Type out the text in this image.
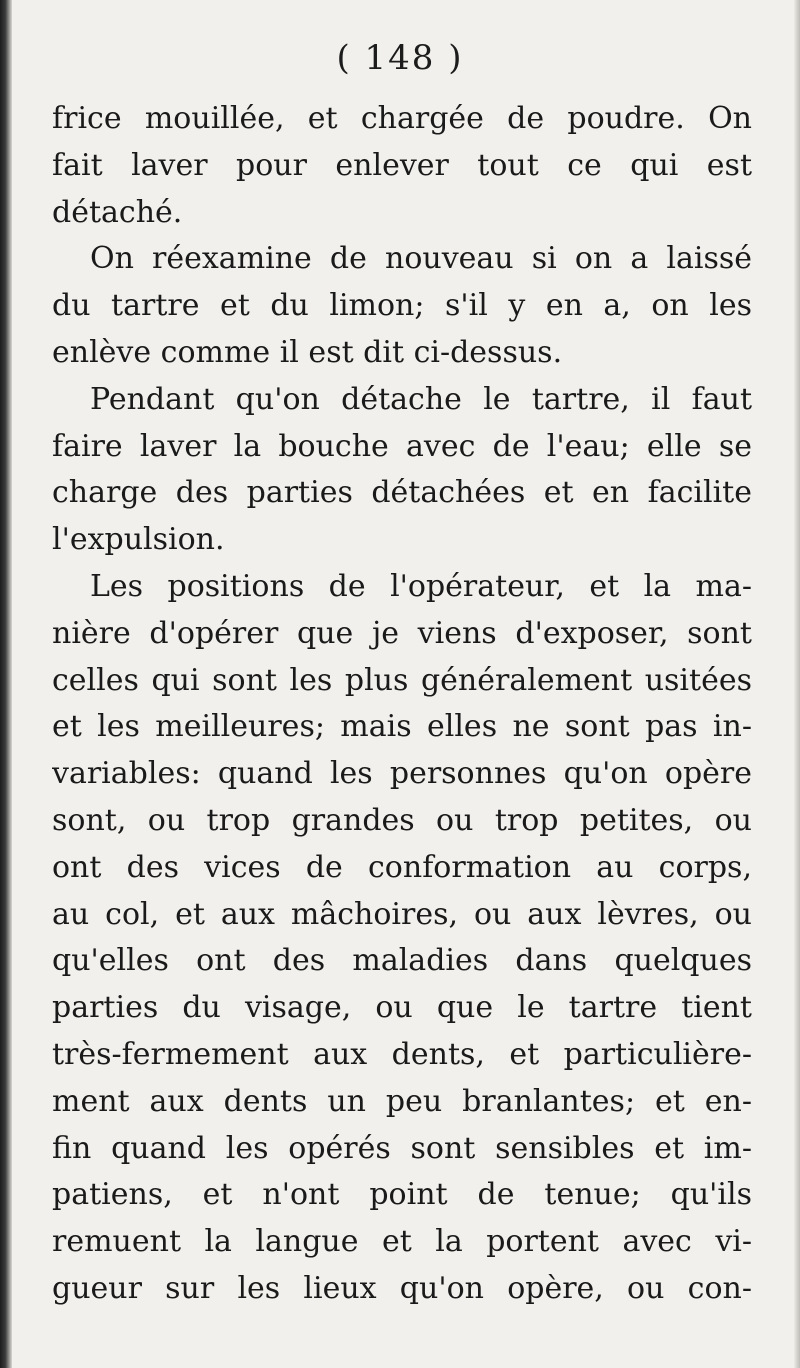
( 148 )
frice mouillée, et chargée de poudre. On
fait laver pour enlever tout ce qui est
détaché.
On réexamine de nouveau si on a laissé
du tartre et du limon; s'il y en a, on les
enlève comme il est dit ci-dessus.
Pendant qu'on détache le tartre, il faut
faire laver la bouche avec de l'eau; elle se
charge des parties détachées et en facilite
l'expulsion.
Les positions de l'opérateur, et la ma-
nière d'opérer que je viens d'exposer, sont
celles qui sont les plus généralement usitées
et les meilleures; mais elles ne sont pas in-
variables: quand les personnes qu'on opère
sont, ou trop grandes ou trop petites, ou
ont des vices de conformation au corps,
au col, et aux mâchoires, ou aux lèvres, ou
qu'elles ont des maladies dans quelques
parties du visage, ou que le tartre tient
très-fermement aux dents, et particulière-
ment aux dents un peu branlantes; et en-
fin quand les opérés sont sensibles et im-
patiens, et n'ont point de tenue; qu'ils
remuent la langue et la portent avec vi-
gueur sur les lieux qu'on opère, ou con-
